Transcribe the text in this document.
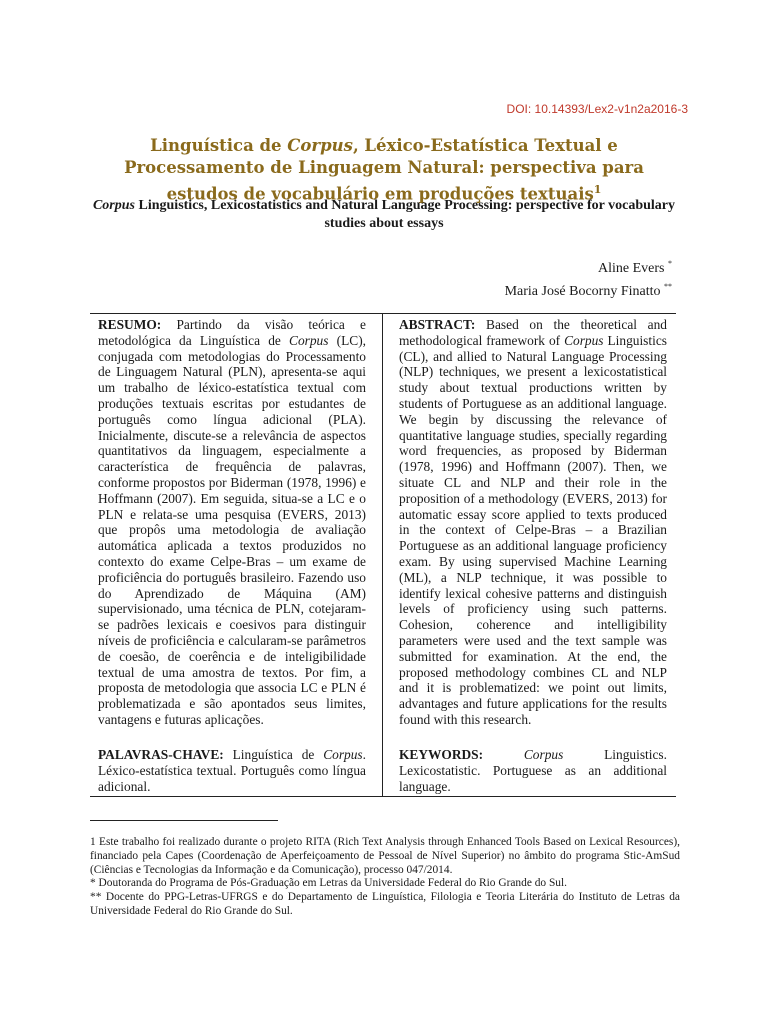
DOI: 10.14393/Lex2-v1n2a2016-3
Linguística de Corpus, Léxico-Estatística Textual e Processamento de Linguagem Natural: perspectiva para estudos de vocabulário em produções textuais$^1$
Corpus Linguistics, Lexicostatistics and Natural Language Processing: perspective for vocabulary studies about essays
Aline Evers *
Maria José Bocorny Finatto **

RESUMO: Partindo da visão teórica e metodológica da Linguística de Corpus (LC), conjugada com metodologias do Processamento de Linguagem Natural (PLN), apresenta-se aqui um trabalho de léxico-estatística textual com produções textuais escritas por estudantes de português como língua adicional (PLA). Inicialmente, discute-se a relevância de aspectos quantitativos da linguagem, especialmente a característica de frequência de palavras, conforme propostos por Biderman (1978, 1996) e Hoffmann (2007). Em seguida, situa-se a LC e o PLN e relata-se uma pesquisa (EVERS, 2013) que propôs uma metodologia de avaliação automática aplicada a textos produzidos no contexto do exame Celpe-Bras – um exame de proficiência do português brasileiro. Fazendo uso do Aprendizado de Máquina (AM) supervisionado, uma técnica de PLN, cotejaram-se padrões lexicais e coesivos para distinguir níveis de proficiência e calcularam-se parâmetros de coesão, de coerência e de inteligibilidade textual de uma amostra de textos. Por fim, a proposta de metodologia que associa LC e PLN é problematizada e são apontados seus limites, vantagens e futuras aplicações.

PALAVRAS-CHAVE: Linguística de Corpus. Léxico-estatística textual. Português como língua adicional.

ABSTRACT: Based on the theoretical and methodological framework of Corpus Linguistics (CL), and allied to Natural Language Processing (NLP) techniques, we present a lexicostatistical study about textual productions written by students of Portuguese as an additional language. We begin by discussing the relevance of quantitative language studies, specially regarding word frequencies, as proposed by Biderman (1978, 1996) and Hoffmann (2007). Then, we situate CL and NLP and their role in the proposition of a methodology (EVERS, 2013) for automatic essay score applied to texts produced in the context of Celpe-Bras – a Brazilian Portuguese as an additional language proficiency exam. By using supervised Machine Learning (ML), a NLP technique, it was possible to identify lexical cohesive patterns and distinguish levels of proficiency using such patterns. Cohesion, coherence and intelligibility parameters were used and the text sample was submitted for examination. At the end, the proposed methodology combines CL and NLP and it is problematized: we point out limits, advantages and future applications for the results found with this research.

KEYWORDS:	Corpus Linguistics. Lexicostatistic. Portuguese as an additional language.

1 Este trabalho foi realizado durante o projeto RITA (Rich Text Analysis through Enhanced Tools Based on Lexical Resources), financiado pela Capes (Coordenação de Aperfeiçoamento de Pessoal de Nível Superior) no âmbito do programa Stic-AmSud (Ciências e Tecnologias da Informação e da Comunicação), processo 047/2014.

* Doutoranda do Programa de Pós-Graduação em Letras da Universidade Federal do Rio Grande do Sul.

** Docente do PPG-Letras-UFRGS e do Departamento de Linguística, Filologia e Teoria Literária do Instituto de Letras da Universidade Federal do Rio Grande do Sul.
